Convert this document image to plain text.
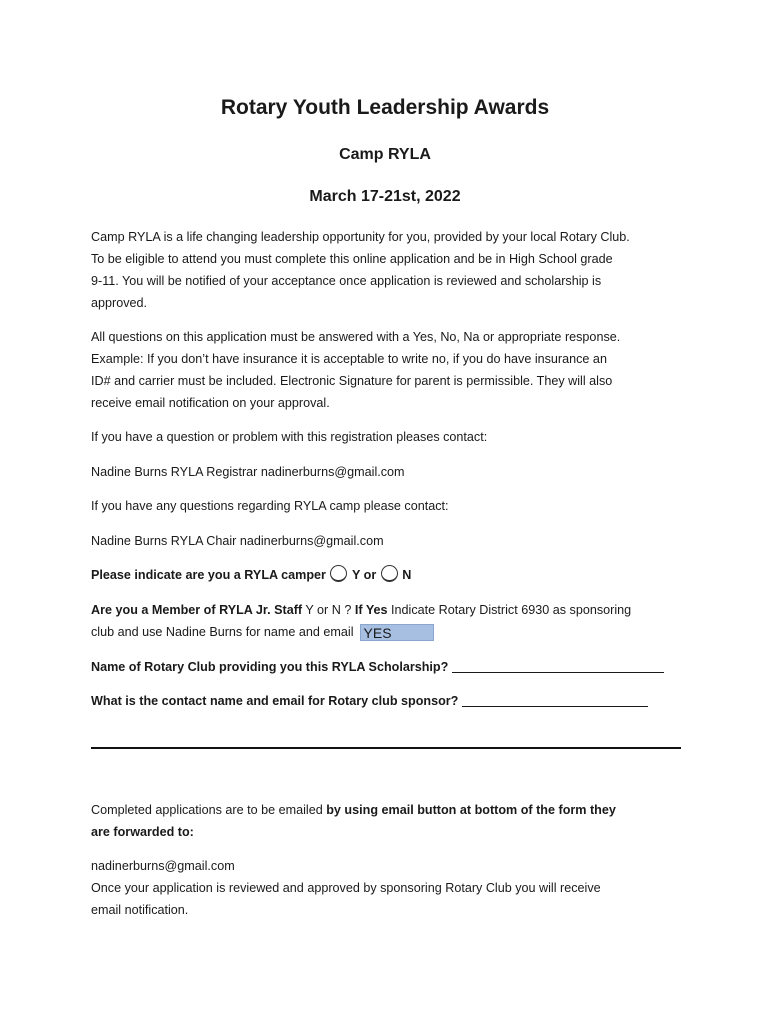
Rotary Youth Leadership Awards
Camp RYLA
March 17-21st, 2022
Camp RYLA is a life changing leadership opportunity for you, provided by your local Rotary Club.
To be eligible to attend you must complete this online application and be in High School grade
9-11. You will be notified of your acceptance once application is reviewed and scholarship is
approved.
All questions on this application must be answered with a Yes, No, Na or appropriate response.
Example: If you don’t have insurance it is acceptable to write no, if you do have insurance an
ID# and carrier must be included. Electronic Signature for parent is permissible. They will also
receive email notification on your approval.
If you have a question or problem with this registration pleases contact:
Nadine Burns RYLA Registrar nadinerburns@gmail.com
If you have any questions regarding RYLA camp please contact:
Nadine Burns RYLA Chair nadinerburns@gmail.com
Please indicate are you a RYLA camper Y or N
Are you a Member of RYLA Jr. Staff Y or N ? If Yes Indicate Rotary District 6930 as sponsoring
club and use Nadine Burns for name and email YES
Name of Rotary Club providing you this RYLA Scholarship?
What is the contact name and email for Rotary club sponsor?
Completed applications are to be emailed by using email button at bottom of the form they
are forwarded to:
nadinerburns@gmail.com
Once your application is reviewed and approved by sponsoring Rotary Club you will receive
email notification.
